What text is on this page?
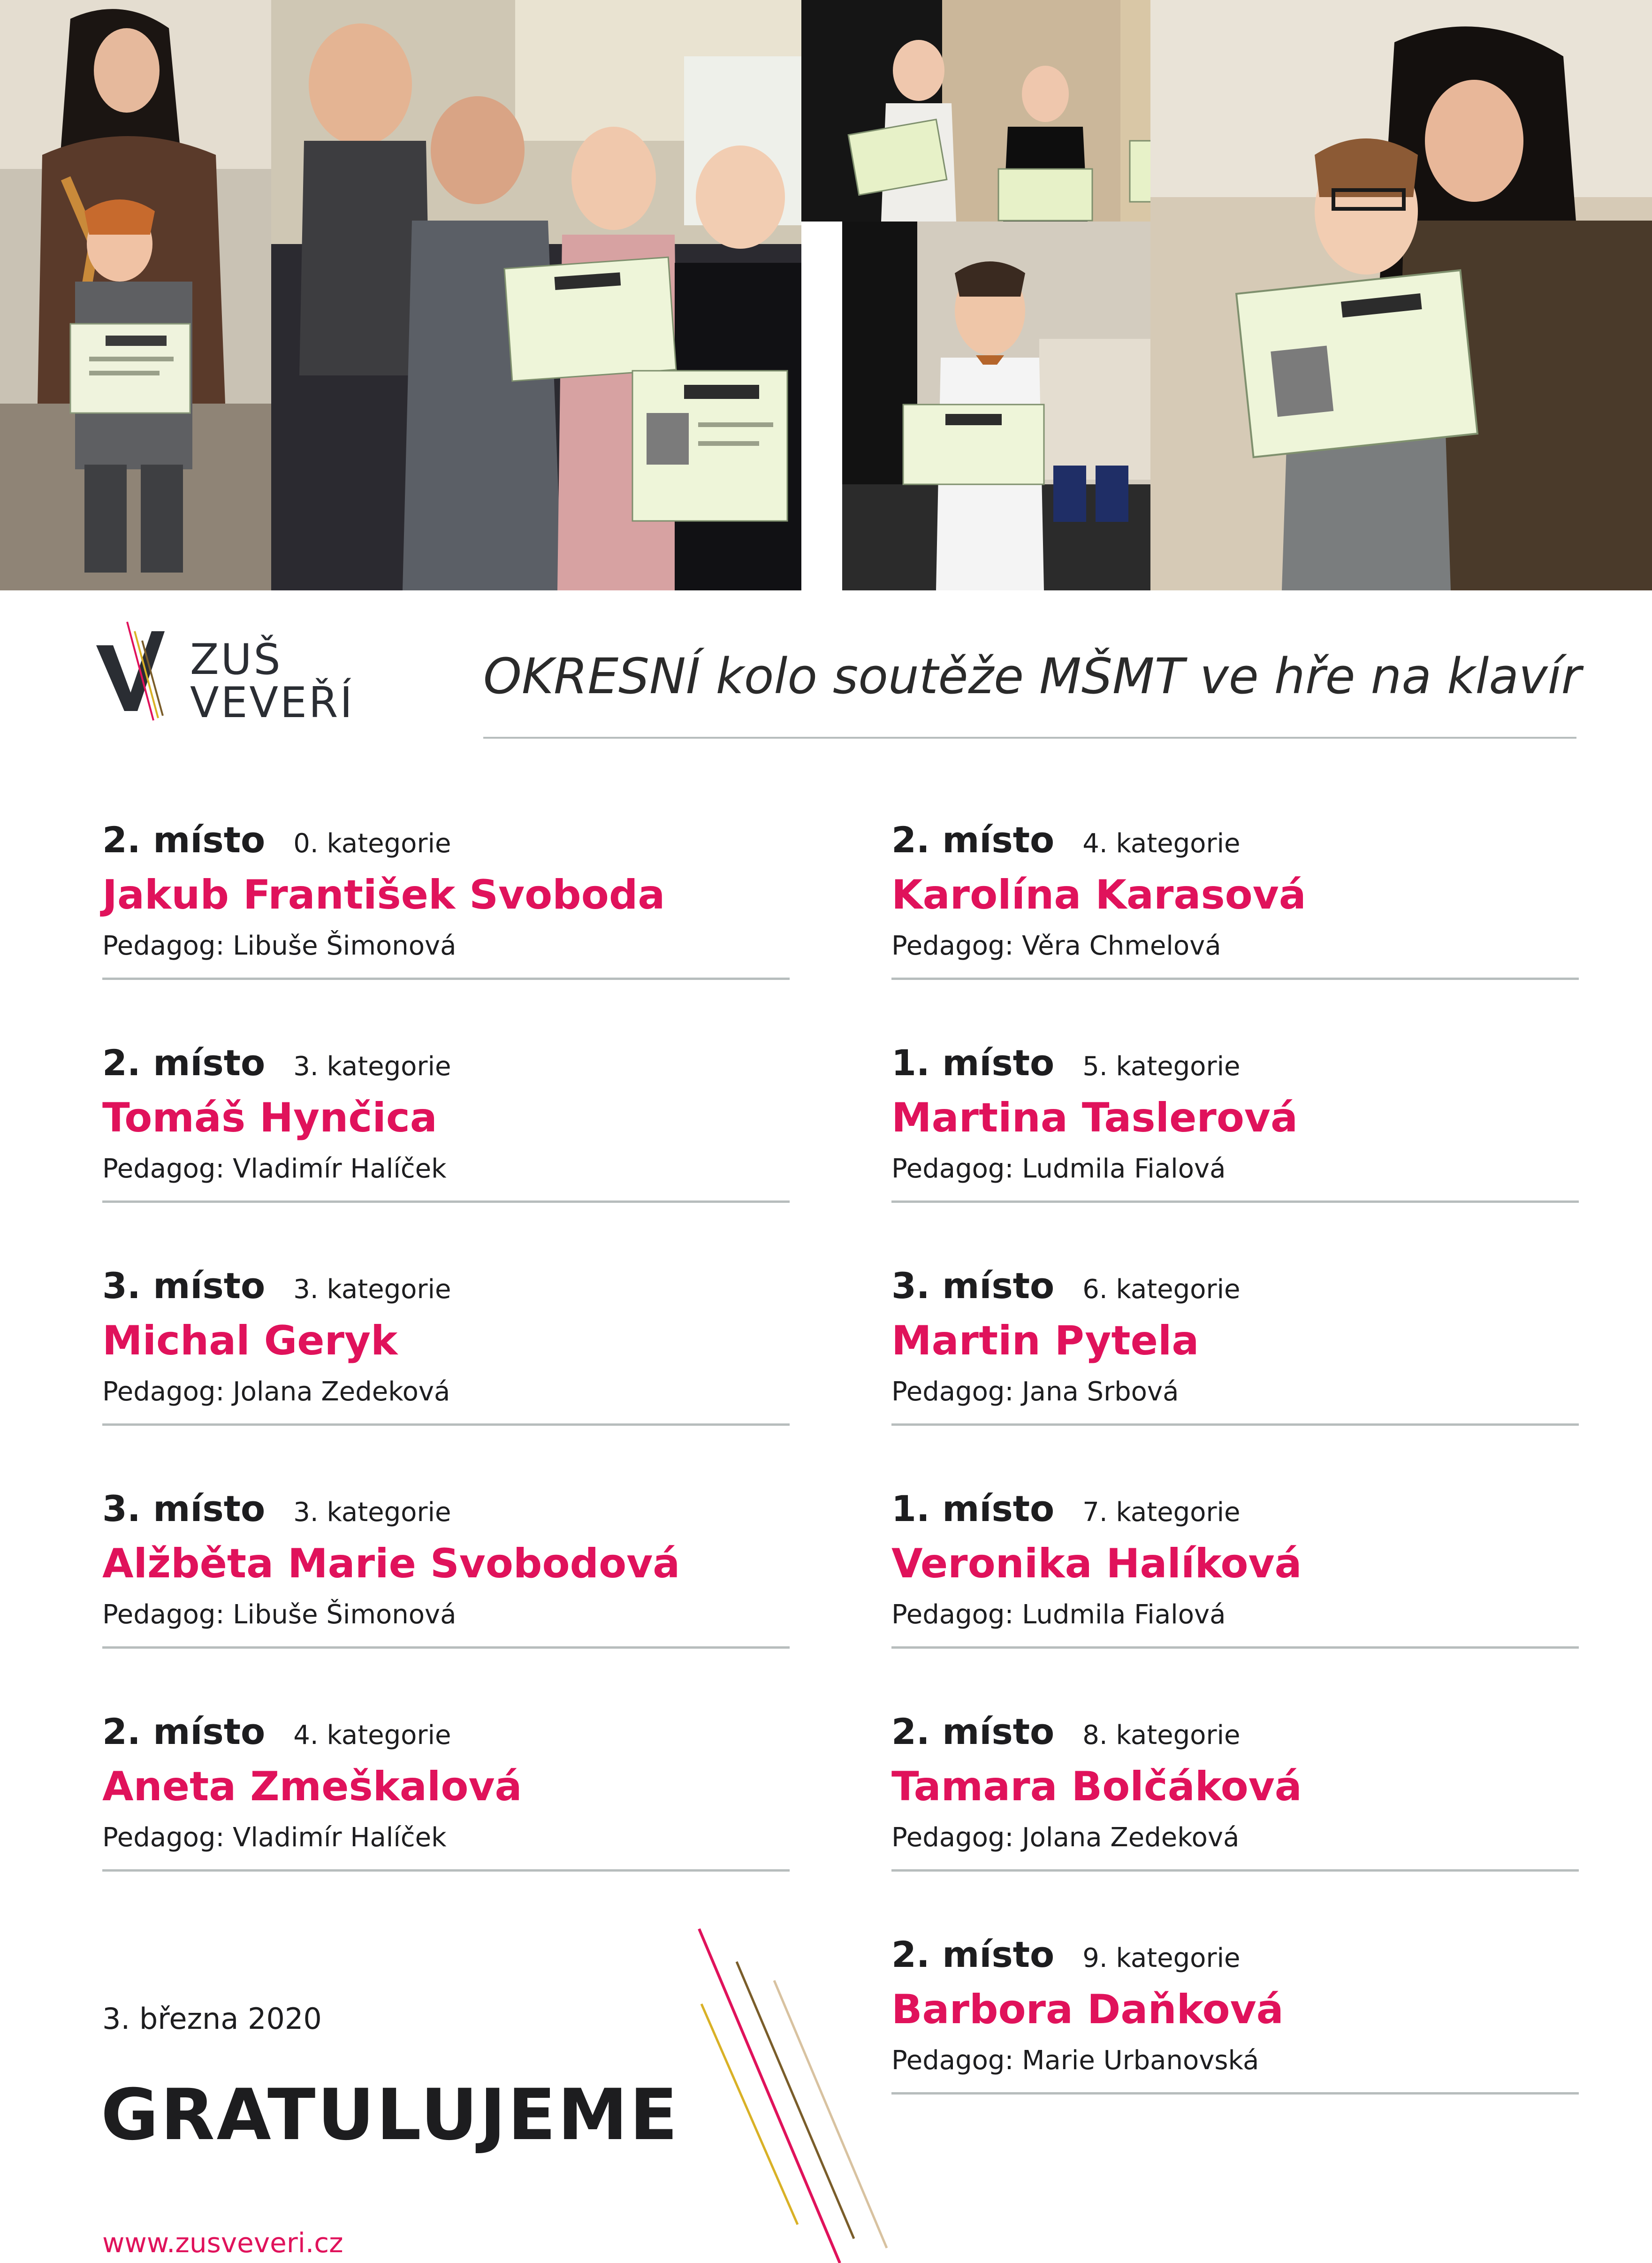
ZUŠ
VEVEŘÍ	OKRESNÍ kolo soutěže MŠMT ve hře na klavír
2. místo 0. kategorie
Jakub František Svoboda
Pedagog: Libuše Šimonová
2. místo 3. kategorie
Tomáš Hynčica
Pedagog: Vladimír Halíček
3. místo 3. kategorie
Michal Geryk
Pedagog: Jolana Zedeková
3. místo 3. kategorie
Alžběta Marie Svobodová
Pedagog: Libuše Šimonová
2. místo 4. kategorie
Aneta Zmeškalová
Pedagog: Vladimír Halíček
2. místo 4. kategorie
Karolína Karasová
Pedagog: Věra Chmelová
1. místo 5. kategorie
Martina Taslerová
Pedagog: Ludmila Fialová
3. místo 6. kategorie
Martin Pytela
Pedagog: Jana Srbová
1. místo 7. kategorie
Veronika Halíková
Pedagog: Ludmila Fialová
2. místo 8. kategorie
Tamara Bolčáková
Pedagog: Jolana Zedeková
2. místo 9. kategorie
Barbora Daňková
Pedagog: Marie Urbanovská
3. března 2020
GRATULUJEME
www.zusveveri.cz
